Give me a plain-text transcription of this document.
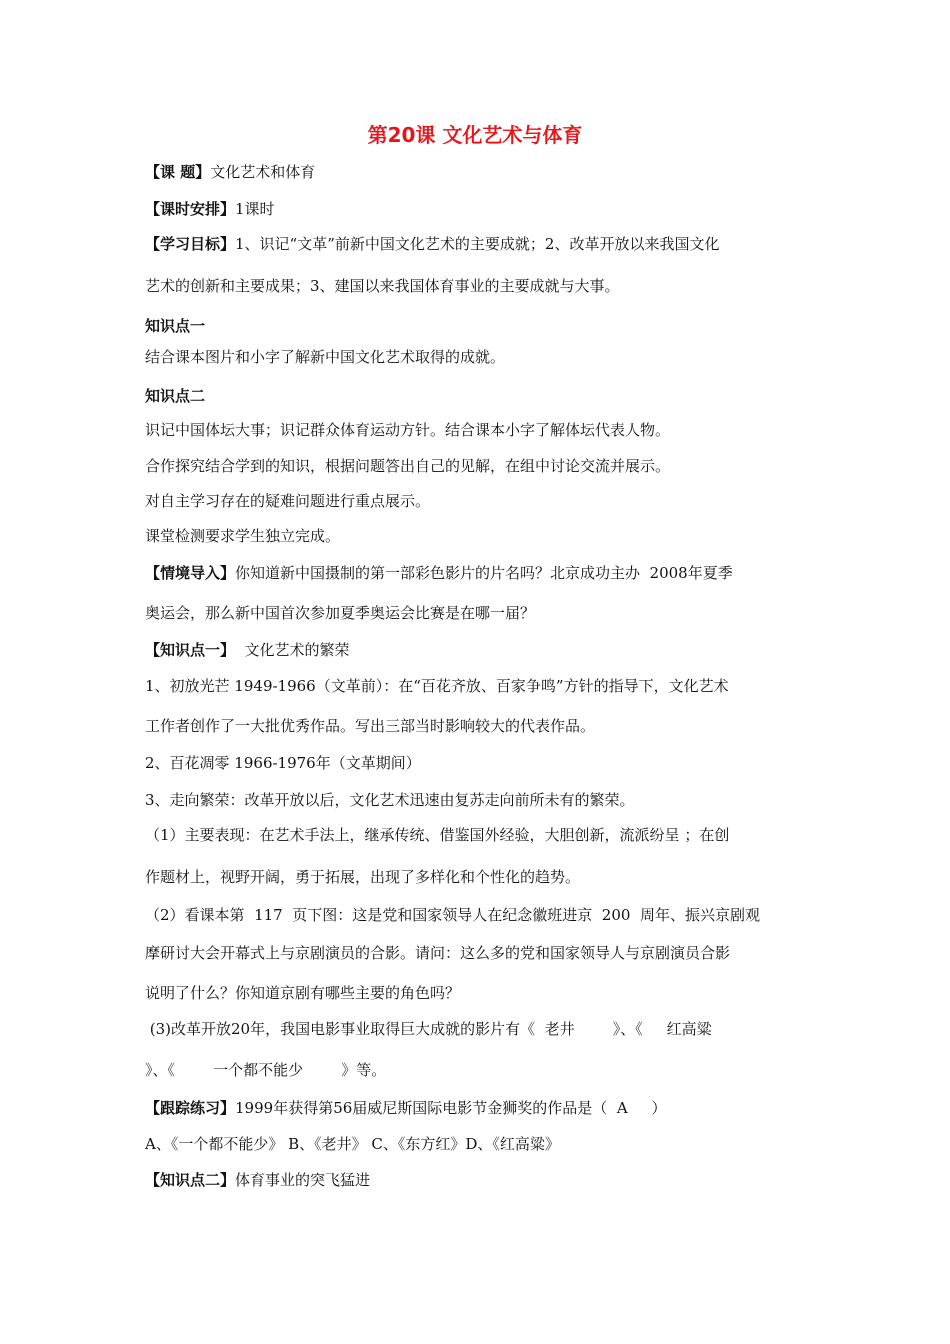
第20课 文化艺术与体育
【课 题】文化艺术和体育
【课时安排】1课时
【学习目标】1、识记“文革”前新中国文化艺术的主要成就；2、改革开放以来我国文化
艺术的创新和主要成果；3、建国以来我国体育事业的主要成就与大事。
知识点一
结合课本图片和小字了解新中国文化艺术取得的成就。
知识点二
识记中国体坛大事；识记群众体育运动方针。结合课本小字了解体坛代表人物。
合作探究结合学到的知识，根据问题答出自己的见解，在组中讨论交流并展示。
对自主学习存在的疑难问题进行重点展示。
课堂检测要求学生独立完成。
【情境导入】你知道新中国摄制的第一部彩色影片的片名吗？北京成功主办  2008年夏季
奥运会，那么新中国首次参加夏季奥运会比赛是在哪一届？
【知识点一】  文化艺术的繁荣
1、初放光芒 1949-1966（文革前）：在“百花齐放、百家争鸣”方针的指导下，文化艺术
工作者创作了一大批优秀作品。写出三部当时影响较大的代表作品。
2、百花凋零 1966-1976年（文革期间）
3、走向繁荣：改革开放以后，文化艺术迅速由复苏走向前所未有的繁荣。
（1）主要表现：在艺术手法上，继承传统、借鉴国外经验，大胆创新，流派纷呈 ；在创
作题材上，视野开阔，勇于拓展，出现了多样化和个性化的趋势。
（2）看课本第  117  页下图：这是党和国家领导人在纪念徽班进京  200  周年、振兴京剧观
摩研讨大会开幕式上与京剧演员的合影。请问：这么多的党和国家领导人与京剧演员合影
说明了什么？你知道京剧有哪些主要的角色吗？
(3)改革开放20年，我国电影事业取得巨大成就的影片有《  老井        》、《     红高粱
》、《        一个都不能少        》等。
【跟踪练习】1999年获得第56届威尼斯国际电影节金狮奖的作品是（  A     ）
A、《一个都不能少》 B、《老井》 C、《东方红》D、《红高粱》
【知识点二】体育事业的突飞猛进
